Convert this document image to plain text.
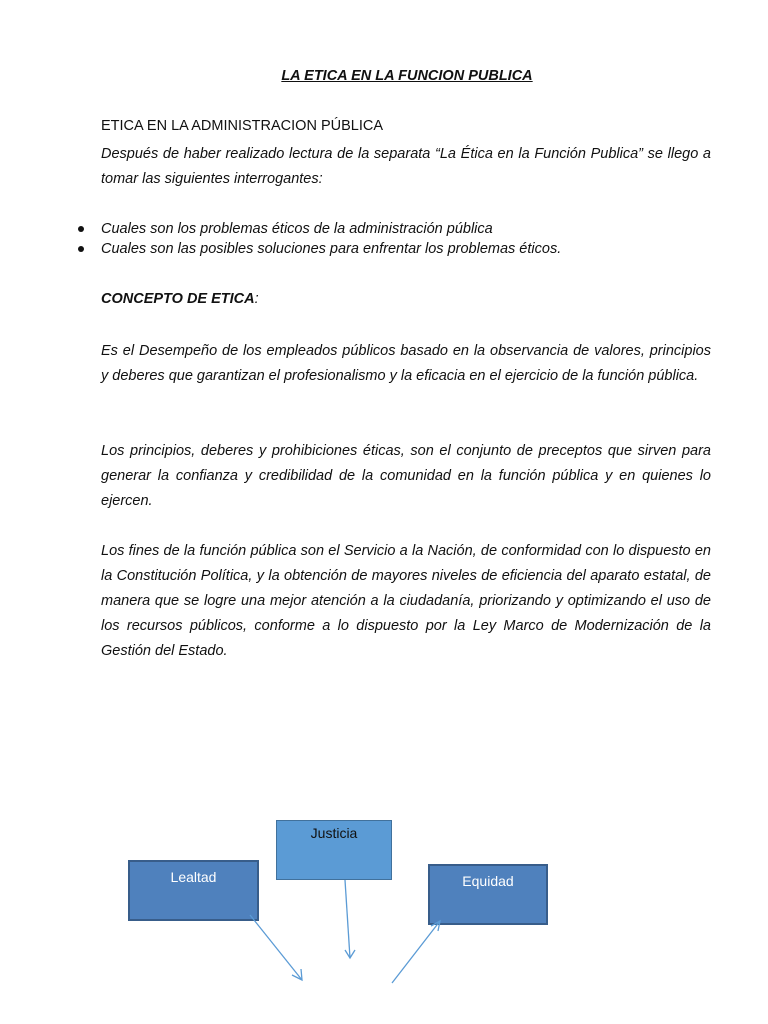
LA ETICA EN LA FUNCION PUBLICA
ETICA EN LA ADMINISTRACION PÚBLICA
Después de haber realizado lectura de la separata “La Ética en la Función Publica” se llego a tomar las siguientes interrogantes:
Cuales son los problemas éticos de la administración pública
Cuales son las posibles soluciones para enfrentar los problemas éticos.
CONCEPTO DE ETICA:
Es el Desempeño de los empleados públicos basado en la observancia de valores, principios y deberes que garantizan el profesionalismo y la eficacia en el ejercicio de la función pública.
Los principios, deberes y prohibiciones éticas, son el conjunto de preceptos que sirven para generar la confianza y credibilidad de la comunidad en la función pública y en quienes lo ejercen.
Los fines de la función pública son el Servicio a la Nación, de conformidad con lo dispuesto en la Constitución Política, y la obtención de mayores niveles de eficiencia del aparato estatal, de manera que se logre una mejor atención a la ciudadanía, priorizando y optimizando el uso de los recursos públicos, conforme a lo dispuesto por la Ley Marco de Modernización de la Gestión del Estado.
Justicia
Lealtad	Equidad
